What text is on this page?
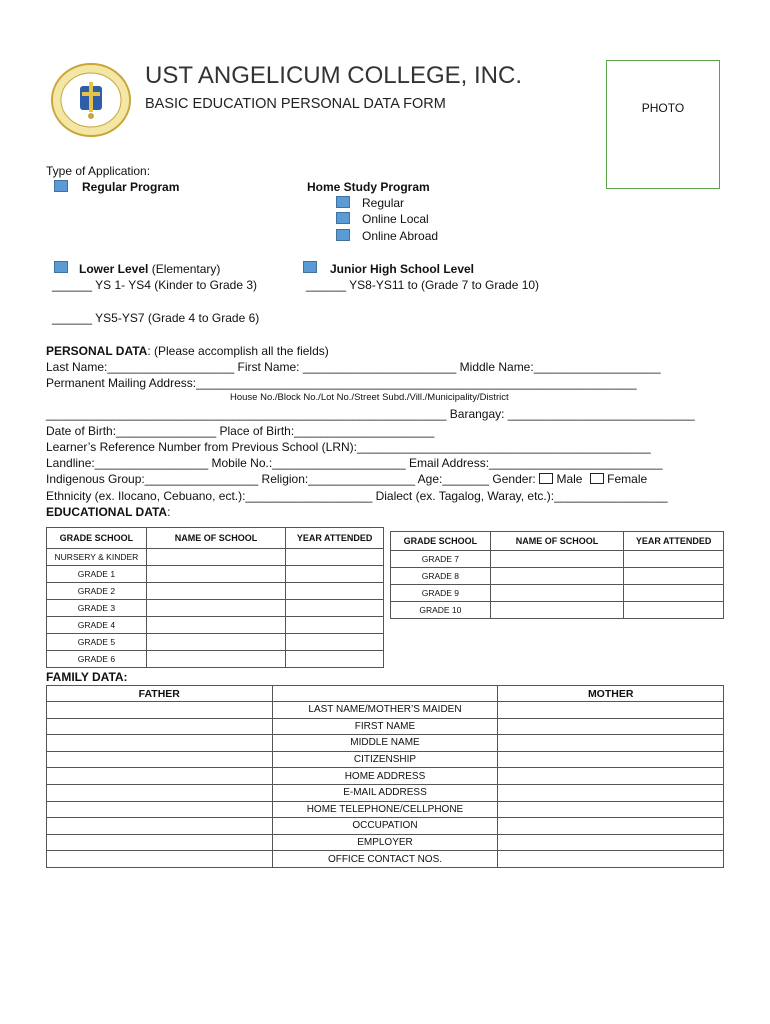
UST ANGELICUM COLLEGE, INC.
BASIC EDUCATION PERSONAL DATA FORM	PHOTO
Type of Application:
Regular Program	Home Study Program
Regular
Online Local
Online Abroad
Lower Level (Elementary)
______ YS 1- YS4 (Kinder to Grade 3)
______ YS5-YS7 (Grade 4 to Grade 6)
Junior High School Level
______ YS8-YS11 to (Grade 7 to Grade 10)
PERSONAL DATA: (Please accomplish all the fields)
Last Name:___________________ First Name: _______________________ Middle Name:___________________
Permanent Mailing Address:__________________________________________________________________
House No./Block No./Lot No./Street Subd./Vill./Municipality/District
____________________________________________________________ Barangay: ____________________________
Date of Birth:_______________ Place of Birth:_____________________
Learner’s Reference Number from Previous School (LRN):____________________________________________
Landline:_________________ Mobile No.:____________________ Email Address:__________________________
Indigenous Group:_________________ Religion:________________ Age:_______ Gender: Male Female
Ethnicity (ex. Ilocano, Cebuano, ect.):___________________ Dialect (ex. Tagalog, Waray, etc.):_________________
EDUCATIONAL DATA:
GRADE SCHOOL	NAME OF SCHOOL	YEAR ATTENDED
NURSERY & KINDER		
GRADE 1		
GRADE 2		
GRADE 3		
GRADE 4		
GRADE 5		
GRADE 6		
GRADE SCHOOL	NAME OF SCHOOL	YEAR ATTENDED
GRADE 7		
GRADE 8		
GRADE 9		
GRADE 10		
FAMILY DATA:
FATHER		MOTHER
	LAST NAME/MOTHER’S MAIDEN	
	FIRST NAME	
	MIDDLE NAME	
	CITIZENSHIP	
	HOME ADDRESS	
	E-MAIL ADDRESS	
	HOME TELEPHONE/CELLPHONE	
	OCCUPATION	
	EMPLOYER	
	OFFICE CONTACT NOS.	
